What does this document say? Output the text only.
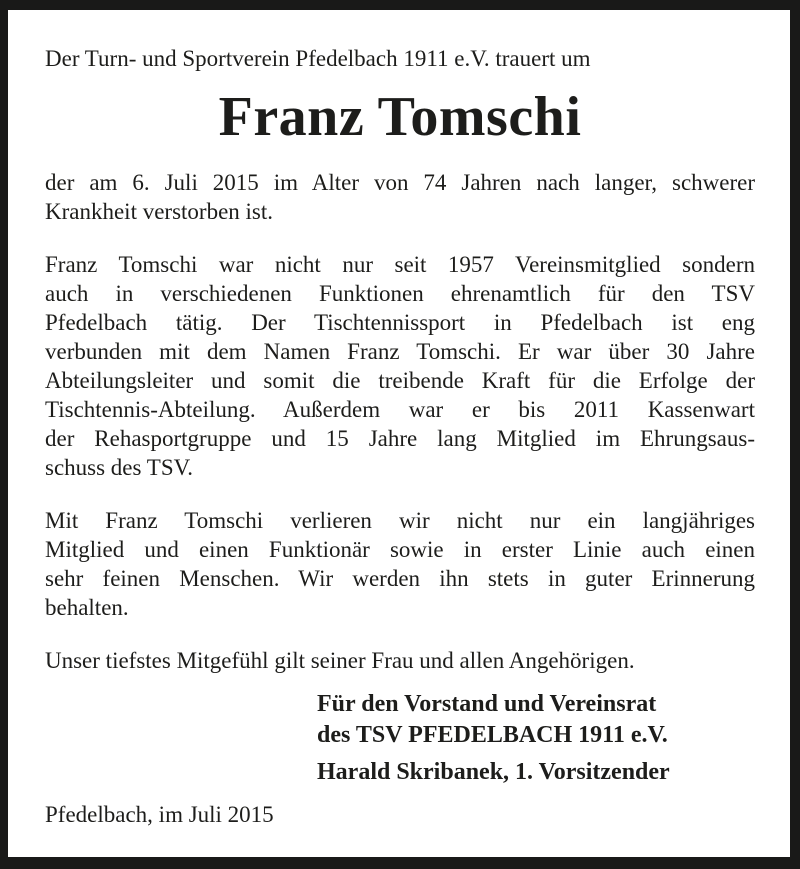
Der Turn- und Sportverein Pfedelbach 1911 e.V. trauert um

Franz Tomschi
der am 6. Juli 2015 im Alter von 74 Jahren nach langer, schwerer
Krankheit verstorben ist.
Franz Tomschi war nicht nur seit 1957 Vereinsmitglied sondern
auch in verschiedenen Funktionen ehrenamtlich für den TSV
Pfedelbach tätig. Der Tischtennissport in Pfedelbach ist eng
verbunden mit dem Namen Franz Tomschi. Er war über 30 Jahre
Abteilungsleiter und somit die treibende Kraft für die Erfolge der
Tischtennis-Abteilung. Außerdem war er bis 2011 Kassenwart
der Rehasportgruppe und 15 Jahre lang Mitglied im Ehrungsaus-
schuss des TSV.
Mit Franz Tomschi verlieren wir nicht nur ein langjähriges
Mitglied und einen Funktionär sowie in erster Linie auch einen
sehr feinen Menschen. Wir werden ihn stets in guter Erinnerung
behalten.

Unser tiefstes Mitgefühl gilt seiner Frau und allen Angehörigen.

Für den Vorstand und Vereinsrat
des TSV PFEDELBACH 1911 e.V.
Harald Skribanek, 1. Vorsitzender

Pfedelbach, im Juli 2015
